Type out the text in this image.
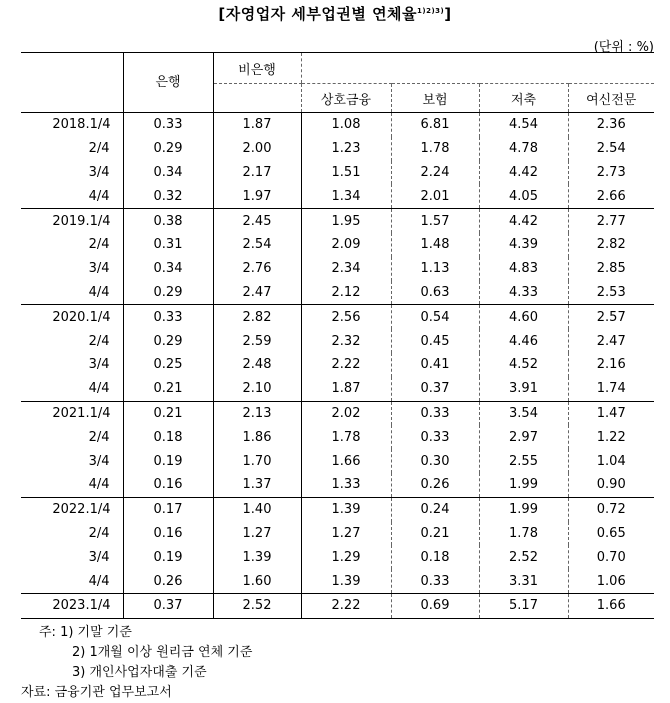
[자영업자 세부업권별 연체율$^{1)2)3)}$]
(단위 : %)
	은행	비은행				
			상호금융	보험	저축	여신전문
2018.1/4	0.33	1.87	1.08	6.81	4.54	2.36
2/4	0.29	2.00	1.23	1.78	4.78	2.54
3/4	0.34	2.17	1.51	2.24	4.42	2.73
4/4	0.32	1.97	1.34	2.01	4.05	2.66
2019.1/4	0.38	2.45	1.95	1.57	4.42	2.77
2/4	0.31	2.54	2.09	1.48	4.39	2.82
3/4	0.34	2.76	2.34	1.13	4.83	2.85
4/4	0.29	2.47	2.12	0.63	4.33	2.53
2020.1/4	0.33	2.82	2.56	0.54	4.60	2.57
2/4	0.29	2.59	2.32	0.45	4.46	2.47
3/4	0.25	2.48	2.22	0.41	4.52	2.16
4/4	0.21	2.10	1.87	0.37	3.91	1.74
2021.1/4	0.21	2.13	2.02	0.33	3.54	1.47
2/4	0.18	1.86	1.78	0.33	2.97	1.22
3/4	0.19	1.70	1.66	0.30	2.55	1.04
4/4	0.16	1.37	1.33	0.26	1.99	0.90
2022.1/4	0.17	1.40	1.39	0.24	1.99	0.72
2/4	0.16	1.27	1.27	0.21	1.78	0.65
3/4	0.19	1.39	1.29	0.18	2.52	0.70
4/4	0.26	1.60	1.39	0.33	3.31	1.06
2023.1/4	0.37	2.52	2.22	0.69	5.17	1.66
주: 1) 기말 기준
2) 1개월 이상 원리금 연체 기준
3) 개인사업자대출 기준
자료: 금융기관 업무보고서
